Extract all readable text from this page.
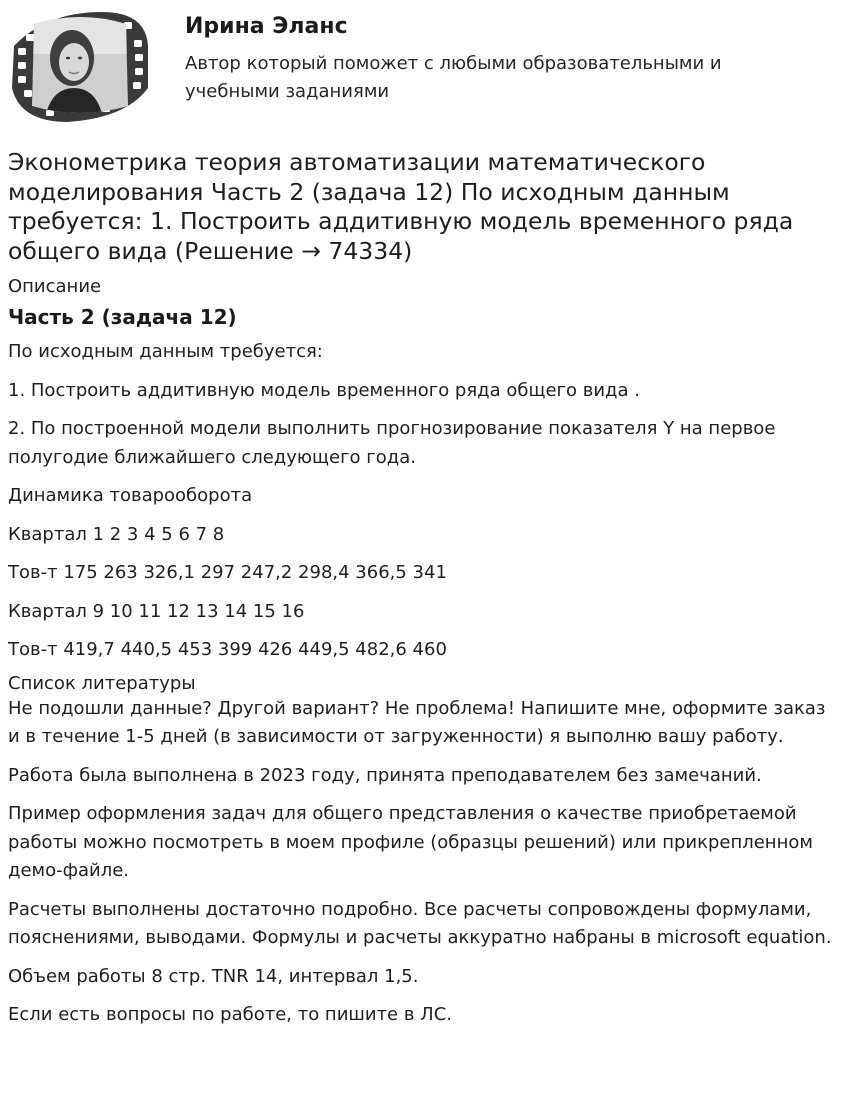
Ирина Эланс
Автор который поможет с любыми образовательными и учебными заданиями
Эконометрика теория автоматизации математического моделирования Часть 2 (задача 12) По исходным данным требуется: 1. Построить аддитивную модель временного ряда общего вида (Решение → 74334)
Описание
Часть 2 (задача 12)

По исходным данным требуется:

1. Построить аддитивную модель временного ряда общего вида .

2. По построенной модели выполнить прогнозирование показателя Y на первое полугодие ближайшего следующего года.

Динамика товарооборота

Квартал 1 2 3 4 5 6 7 8

Тов-т 175 263 326,1 297 247,2 298,4 366,5 341

Квартал 9 10 11 12 13 14 15 16

Тов-т 419,7 440,5 453 399 426 449,5 482,6 460

Список литературы

Не подошли данные? Другой вариант? Не проблема! Напишите мне, оформите заказ и в течение 1-5 дней (в зависимости от загруженности) я выполню вашу работу.

Работа была выполнена в 2023 году, принята преподавателем без замечаний.

Пример оформления задач для общего представления о качестве приобретаемой работы можно посмотреть в моем профиле (образцы решений) или прикрепленном демо-файле.

Расчеты выполнены достаточно подробно. Все расчеты сопровождены формулами, пояснениями, выводами. Формулы и расчеты аккуратно набраны в microsoft equation.

Объем работы 8 стр. TNR 14, интервал 1,5.

Если есть вопросы по работе, то пишите в ЛС.
